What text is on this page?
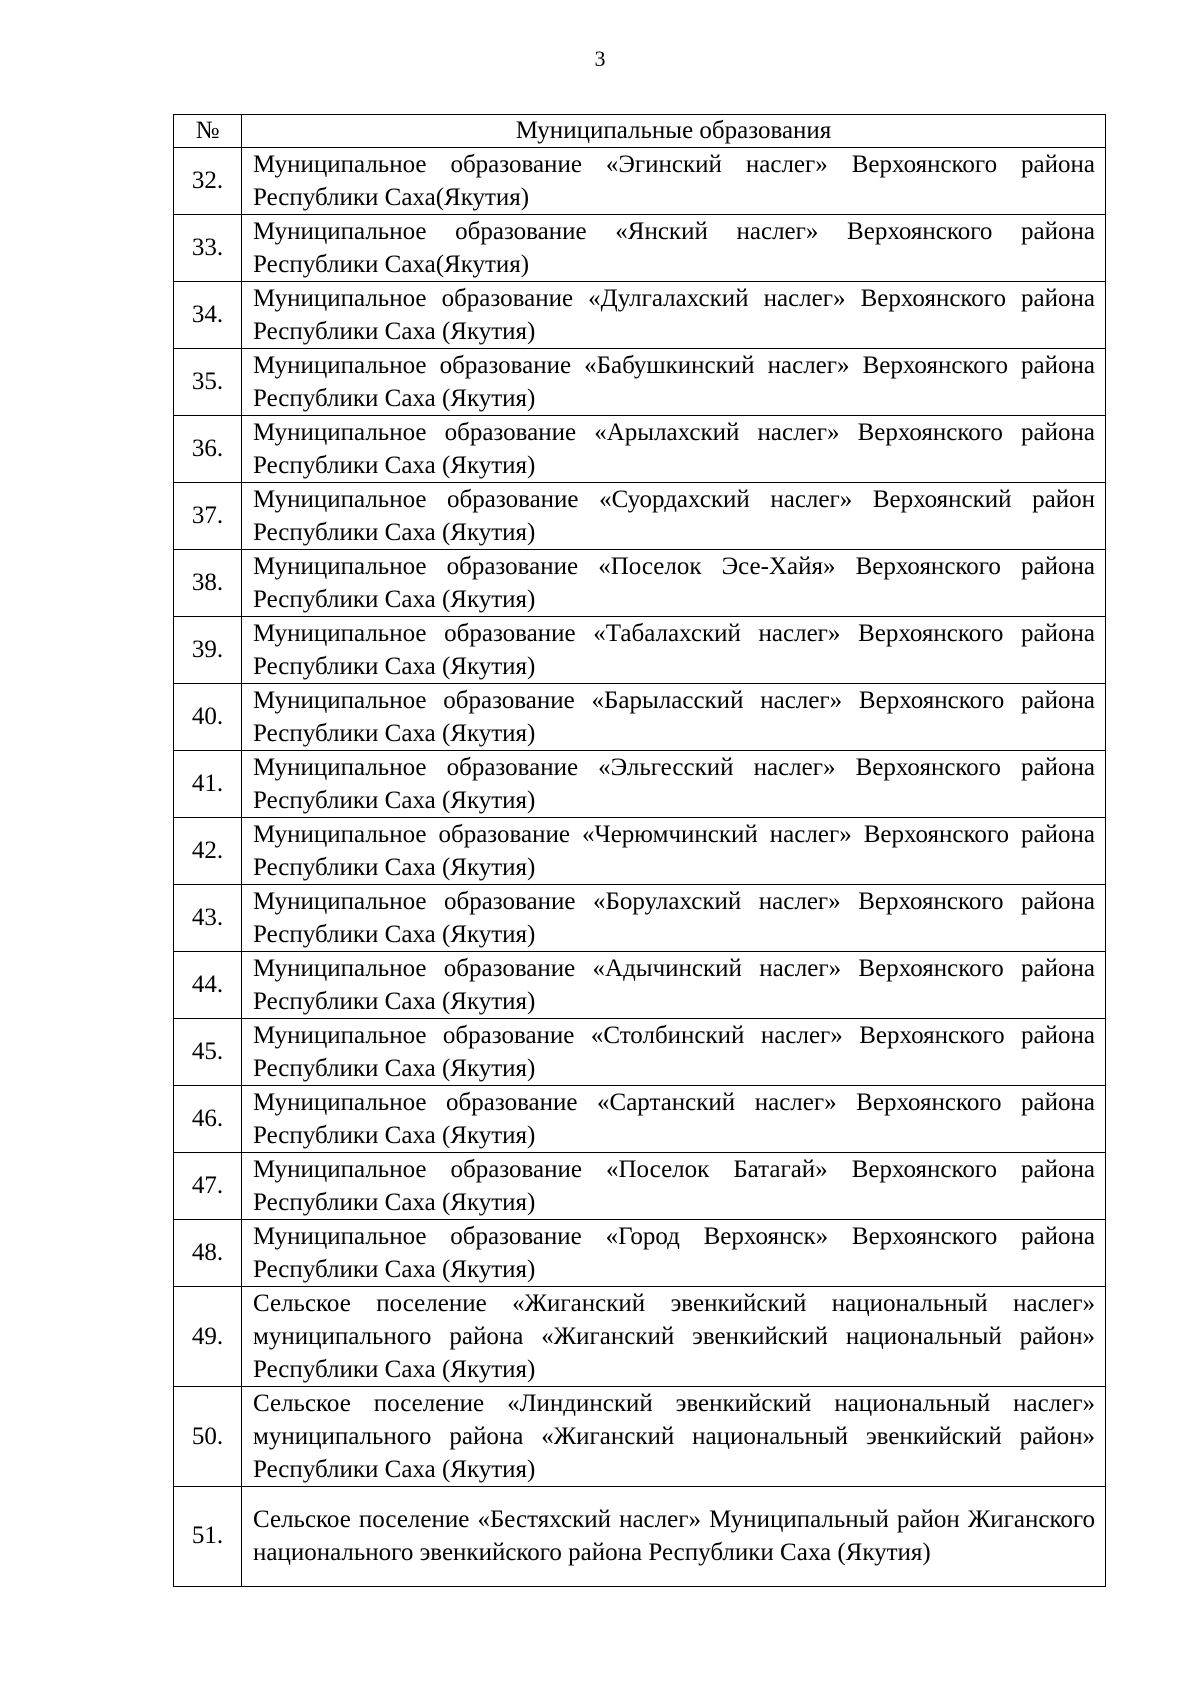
3
№	Муниципальные образования
32.	Муниципальное образование «Эгинский наслег» Верхоянского района Республики Саха(Якутия)
33.	Муниципальное образование «Янский наслег» Верхоянского района Республики Саха(Якутия)
34.	Муниципальное образование «Дулгалахский наслег» Верхоянского района Республики Саха (Якутия)
35.	Муниципальное образование «Бабушкинский наслег» Верхоянского района Республики Саха (Якутия)
36.	Муниципальное образование «Арылахский наслег» Верхоянского района Республики Саха (Якутия)
37.	Муниципальное образование «Суордахский наслег» Верхоянский район Республики Саха (Якутия)
38.	Муниципальное образование «Поселок Эсе-Хайя» Верхоянского района Республики Саха (Якутия)
39.	Муниципальное образование «Табалахский наслег» Верхоянского района Республики Саха (Якутия)
40.	Муниципальное образование «Барыласский наслег» Верхоянского района Республики Саха (Якутия)
41.	Муниципальное образование «Эльгесский наслег» Верхоянского района Республики Саха (Якутия)
42.	Муниципальное образование «Черюмчинский наслег» Верхоянского района Республики Саха (Якутия)
43.	Муниципальное образование «Борулахский наслег» Верхоянского района Республики Саха (Якутия)
44.	Муниципальное образование «Адычинский наслег» Верхоянского района Республики Саха (Якутия)
45.	Муниципальное образование «Столбинский наслег» Верхоянского района Республики Саха (Якутия)
46.	Муниципальное образование «Сартанский наслег» Верхоянского района Республики Саха (Якутия)
47.	Муниципальное образование «Поселок Батагай» Верхоянского района Республики Саха (Якутия)
48.	Муниципальное образование «Город Верхоянск» Верхоянского района Республики Саха (Якутия)
49.	Сельское поселение «Жиганский эвенкийский национальный наслег» муниципального района «Жиганский эвенкийский национальный район» Республики Саха (Якутия)
50.	Сельское поселение «Линдинский эвенкийский национальный наслег» муниципального района «Жиганский национальный эвенкийский район» Республики Саха (Якутия)
51.	Сельское поселение «Бестяхский наслег» Муниципальный район Жиганского национального эвенкийского района Республики Саха (Якутия)
